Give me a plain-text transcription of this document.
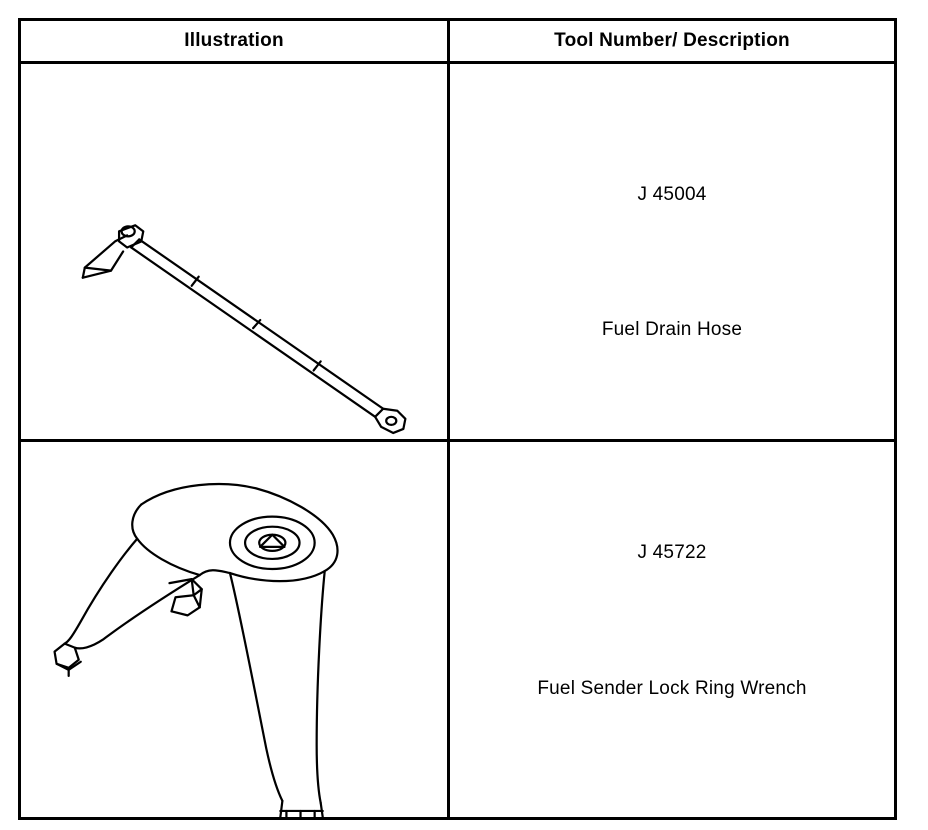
Illustration	Tool Number/ Description

J 45004
Fuel Drain Hose

J 45722
Fuel Sender Lock Ring Wrench
